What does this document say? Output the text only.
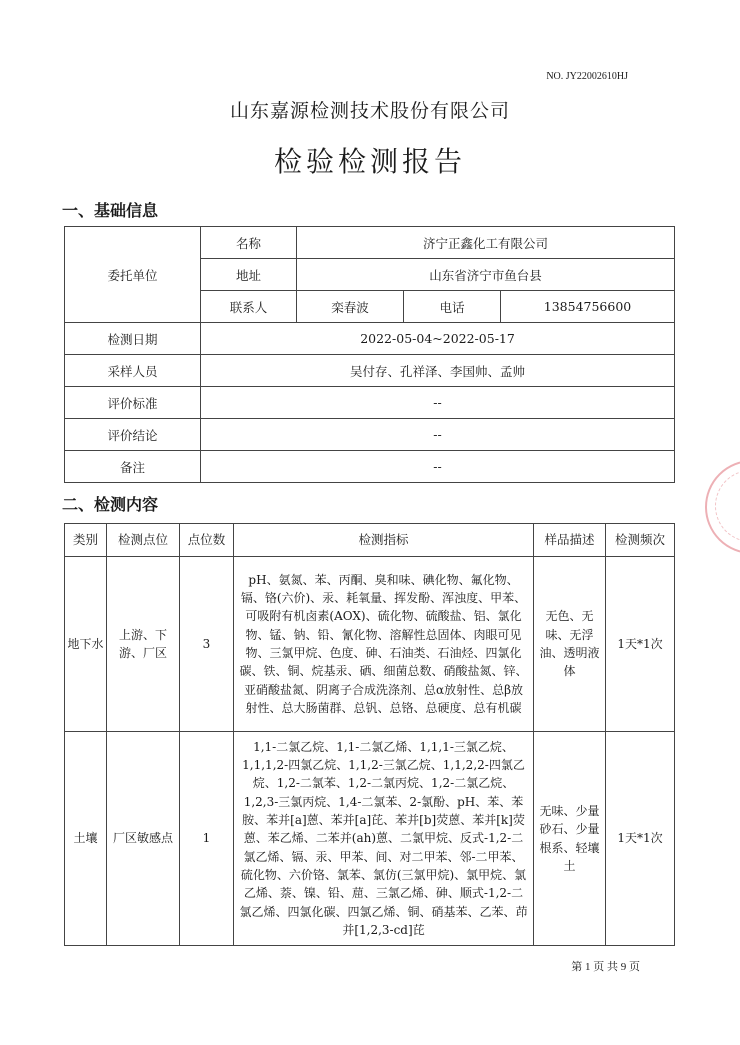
NO. JY22002610HJ
山东嘉源检测技术股份有限公司
检验检测报告
一、基础信息
委托单位	名称	济宁正鑫化工有限公司		
	地址	山东省济宁市鱼台县		
	联系人	栾春波	电话	13854756600
检测日期	2022-05-04~2022-05-17			
采样人员	吴付存、孔祥泽、李国帅、孟帅			
评价标准	--			
评价结论	--			
备注	--			
二、检测内容
类别	检测点位	点位数	检测指标	样品描述	检测频次
地下水	上游、下游、厂区	3	pH、氨氮、苯、丙酮、臭和味、碘化物、氟化物、镉、铬(六价)、汞、耗氧量、挥发酚、浑浊度、甲苯、可吸附有机卤素(AOX)、硫化物、硫酸盐、铝、氯化物、锰、钠、铅、氰化物、溶解性总固体、肉眼可见物、三氯甲烷、色度、砷、石油类、石油烃、四氯化碳、铁、铜、烷基汞、硒、细菌总数、硝酸盐氮、锌、亚硝酸盐氮、阴离子合成洗涤剂、总α放射性、总β放射性、总大肠菌群、总钒、总铬、总硬度、总有机碳	无色、无味、无浮油、透明液体	1天*1次
土壤	厂区敏感点	1	1,1-二氯乙烷、1,1-二氯乙烯、1,1,1-三氯乙烷、1,1,1,2-四氯乙烷、1,1,2-三氯乙烷、1,1,2,2-四氯乙烷、1,2-二氯苯、1,2-二氯丙烷、1,2-二氯乙烷、1,2,3-三氯丙烷、1,4-二氯苯、2-氯酚、pH、苯、苯胺、苯并[a]蒽、苯并[a]芘、苯并[b]荧蒽、苯并[k]荧蒽、苯乙烯、二苯并(ah)蒽、二氯甲烷、反式-1,2-二氯乙烯、镉、汞、甲苯、间、对二甲苯、邻-二甲苯、硫化物、六价铬、氯苯、氯仿(三氯甲烷)、氯甲烷、氯乙烯、萘、镍、铅、䓛、三氯乙烯、砷、顺式-1,2-二氯乙烯、四氯化碳、四氯乙烯、铜、硝基苯、乙苯、茚并[1,2,3-cd]芘	无味、少量砂石、少量根系、轻壤土	1天*1次
第 1 页 共 9 页
